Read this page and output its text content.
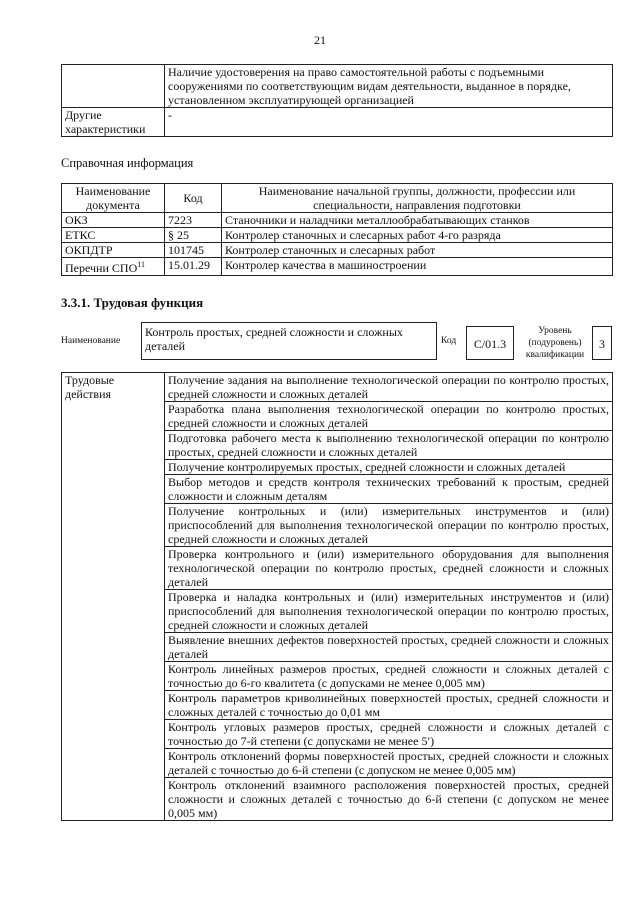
21
	Наличие удостоверения на право самостоятельной работы с подъемными сооружениями по соответствующим видам деятельности, выданное в порядке, установленном эксплуатирующей организацией
Другие характеристики	-
Справочная информация
Наименование документа	Код	Наименование начальной группы, должности, профессии или специальности, направления подготовки
ОКЗ	7223	Станочники и наладчики металлообрабатывающих станков
ЕТКС	§ 25	Контролер станочных и слесарных работ 4-го разряда
ОКПДТР	101745	Контролер станочных и слесарных работ
Перечни СПО$^{11}$	15.01.29	Контролер качества в машиностроении
3.3.1. Трудовая функция
Наименование
Контроль простых, средней сложности и сложных деталей	Код	С/01.3
Уровень (подуровень) квалификации
3
Трудовые действия	Получение задания на выполнение технологической операции по контролю простых, средней сложности и сложных деталей
Разработка плана выполнения технологической операции по контролю простых, средней сложности и сложных деталей
Подготовка рабочего места к выполнению технологической операции по контролю простых, средней сложности и сложных деталей
Получение контролируемых простых, средней сложности и сложных деталей
Выбор методов и средств контроля технических требований к простым, средней сложности и сложным деталям
Получение контрольных и (или) измерительных инструментов и (или) приспособлений для выполнения технологической операции по контролю простых, средней сложности и сложных деталей
Проверка контрольного и (или) измерительного оборудования для выполнения технологической операции по контролю простых, средней сложности и сложных деталей
Проверка и наладка контрольных и (или) измерительных инструментов и (или) приспособлений для выполнения технологической операции по контролю простых, средней сложности и сложных деталей
Выявление внешних дефектов поверхностей простых, средней сложности и сложных деталей
Контроль линейных размеров простых, средней сложности и сложных деталей с точностью до 6-го квалитета (с допусками не менее 0,005 мм)
Контроль параметров криволинейных поверхностей простых, средней сложности и сложных деталей с точностью до 0,01 мм
Контроль угловых размеров простых, средней сложности и сложных деталей с точностью до 7-й степени (с допусками не менее 5′)
Контроль отклонений формы поверхностей простых, средней сложности и сложных деталей с точностью до 6-й степени (с допуском не менее 0,005 мм)
Контроль отклонений взаимного расположения поверхностей простых, средней сложности и сложных деталей с точностью до 6-й степени (с допуском не менее 0,005 мм)
